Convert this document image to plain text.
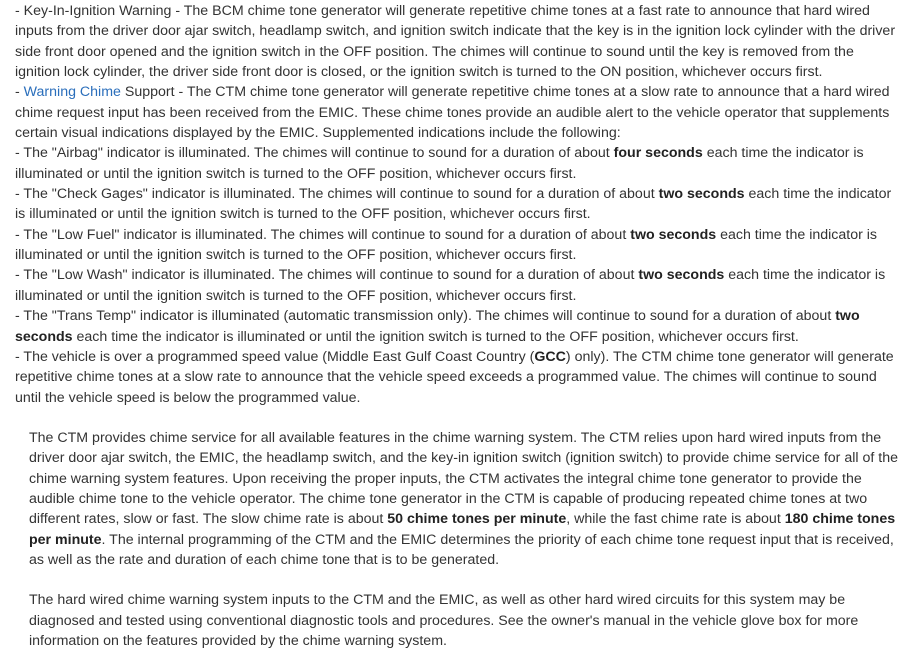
- Key-In-Ignition Warning - The BCM chime tone generator will generate repetitive chime tones at a fast rate to announce that hard wired inputs from the driver door ajar switch, headlamp switch, and ignition switch indicate that the key is in the ignition lock cylinder with the driver side front door opened and the ignition switch in the OFF position. The chimes will continue to sound until the key is removed from the ignition lock cylinder, the driver side front door is closed, or the ignition switch is turned to the ON position, whichever occurs first.

- Warning Chime Support - The CTM chime tone generator will generate repetitive chime tones at a slow rate to announce that a hard wired chime request input has been received from the EMIC. These chime tones provide an audible alert to the vehicle operator that supplements certain visual indications displayed by the EMIC. Supplemented indications include the following:

- The "Airbag" indicator is illuminated. The chimes will continue to sound for a duration of about four seconds each time the indicator is illuminated or until the ignition switch is turned to the OFF position, whichever occurs first.

- The "Check Gages" indicator is illuminated. The chimes will continue to sound for a duration of about two seconds each time the indicator is illuminated or until the ignition switch is turned to the OFF position, whichever occurs first.

- The "Low Fuel" indicator is illuminated. The chimes will continue to sound for a duration of about two seconds each time the indicator is illuminated or until the ignition switch is turned to the OFF position, whichever occurs first.

- The "Low Wash" indicator is illuminated. The chimes will continue to sound for a duration of about two seconds each time the indicator is illuminated or until the ignition switch is turned to the OFF position, whichever occurs first.

- The "Trans Temp" indicator is illuminated (automatic transmission only). The chimes will continue to sound for a duration of about two seconds each time the indicator is illuminated or until the ignition switch is turned to the OFF position, whichever occurs first.

- The vehicle is over a programmed speed value (Middle East Gulf Coast Country (GCC) only). The CTM chime tone generator will generate repetitive chime tones at a slow rate to announce that the vehicle speed exceeds a programmed value. The chimes will continue to sound until the vehicle speed is below the programmed value.

The CTM provides chime service for all available features in the chime warning system. The CTM relies upon hard wired inputs from the driver door ajar switch, the EMIC, the headlamp switch, and the key-in ignition switch (ignition switch) to provide chime service for all of the chime warning system features. Upon receiving the proper inputs, the CTM activates the integral chime tone generator to provide the audible chime tone to the vehicle operator. The chime tone generator in the CTM is capable of producing repeated chime tones at two different rates, slow or fast. The slow chime rate is about 50 chime tones per minute, while the fast chime rate is about 180 chime tones per minute. The internal programming of the CTM and the EMIC determines the priority of each chime tone request input that is received, as well as the rate and duration of each chime tone that is to be generated.

The hard wired chime warning system inputs to the CTM and the EMIC, as well as other hard wired circuits for this system may be diagnosed and tested using conventional diagnostic tools and procedures. See the owner's manual in the vehicle glove box for more information on the features provided by the chime warning system.
